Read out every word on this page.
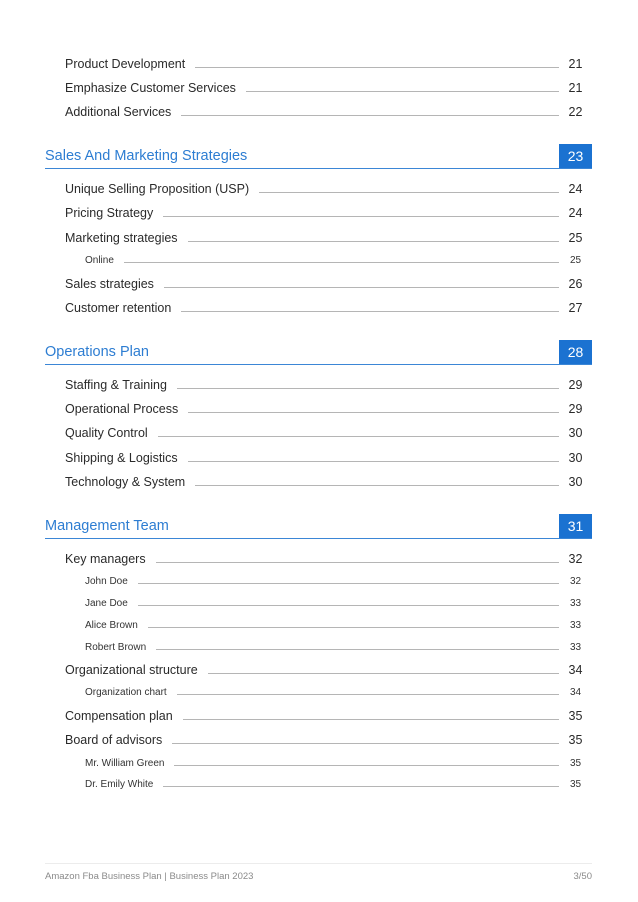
Product Development	21
Emphasize Customer Services	21
Additional Services	22
Sales And Marketing Strategies	23
Unique Selling Proposition (USP)	24
Pricing Strategy	24
Marketing strategies	25
Online	25
Sales strategies	26
Customer retention	27
Operations Plan	28
Staffing & Training	29
Operational Process	29
Quality Control	30
Shipping & Logistics	30
Technology & System	30
Management Team	31
Key managers	32
John Doe	32
Jane Doe	33
Alice Brown	33
Robert Brown	33
Organizational structure	34
Organization chart	34
Compensation plan	35
Board of advisors	35
Mr. William Green	35
Dr. Emily White	35
Amazon Fba Business Plan | Business Plan 2023	3/50
